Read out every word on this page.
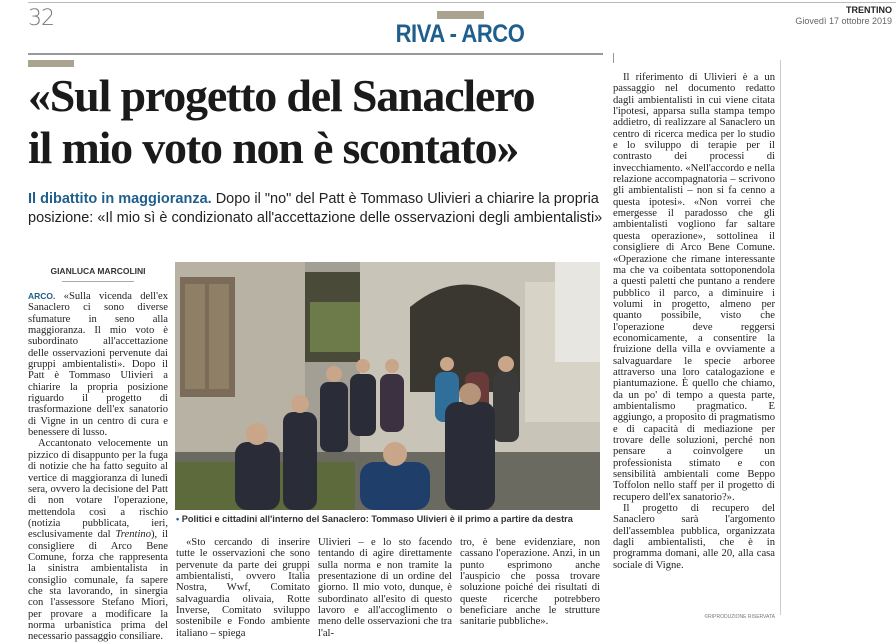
32
RIVA - ARCO
TRENTINO
Giovedì 17 ottobre 2019
«Sul progetto del Sanaclero
il mio voto non è scontato»
Il dibattito in maggioranza. Dopo il "no" del Patt è Tommaso Ulivieri a chiarire la propria posizione: «Il mio sì è condizionato all'accettazione delle osservazioni degli ambientalisti»
GIANLUCA MARCOLINI

ARCO. «Sulla vicenda dell'ex Sanaclero ci sono diverse sfumature in seno alla maggioranza. Il mio voto è subordinato all'accettazione delle osservazioni pervenute dai gruppi ambientalisti». Dopo il Patt è Tommaso Ulivieri a chiarire la propria posizione riguardo il progetto di trasformazione dell'ex sanatorio di Vigne in un centro di cura e benessere di lusso.

Accantonato velocemente un pizzico di disappunto per la fuga di notizie che ha fatto seguito al vertice di maggioranza di lunedì sera, ovvero la decisione del Patt di non votare l'operazione, mettendola così a rischio (notizia pubblicata, ieri, esclusivamente dal Trentino), il consigliere di Arco Bene Comune, forza che rappresenta la sinistra ambientalista in consiglio comunale, fa sapere che sta lavorando, in sinergia con l'assessore Stefano Miori, per provare a modificare la norma urbanistica prima del necessario passaggio consiliare.

• Politici e cittadini all'interno del Sanaclero: Tommaso Ulivieri è il primo a partire da destra

«Sto cercando di inserire tutte le osservazioni che sono pervenute da parte dei gruppi ambientalisti, ovvero Italia Nostra, Wwf, Comitato salvaguardia olivaia, Rotte Inverse, Comitato sviluppo sostenibile e Fondo ambiente italiano – spiega

Ulivieri – e lo sto facendo tentando di agire direttamente sulla norma e non tramite la presentazione di un ordine del giorno. Il mio voto, dunque, è subordinato all'esito di questo lavoro e all'accoglimento o meno delle osservazioni che tra l'al-

tro, è bene evidenziare, non cassano l'operazione. Anzi, in un punto esprimono anche l'auspicio che possa trovare soluzione poiché dei risultati di queste ricerche potrebbero beneficiare anche le strutture sanitarie pubbliche».

Il riferimento di Ulivieri è a un passaggio nel documento redatto dagli ambientalisti in cui viene citata l'ipotesi, apparsa sulla stampa tempo addietro, di realizzare al Sanaclero un centro di ricerca medica per lo studio e lo sviluppo di terapie per il contrasto dei processi di invecchiamento. «Nell'accordo e nella relazione accompagnatoria – scrivono gli ambientalisti – non si fa cenno a questa ipotesi». «Non vorrei che emergesse il paradosso che gli ambientalisti vogliono far saltare questa operazione», sottolinea il consigliere di Arco Bene Comune. «Operazione che rimane interessante ma che va coibentata sottoponendola a questi paletti che puntano a rendere pubblico il parco, a diminuire i volumi in progetto, almeno per quanto possibile, visto che l'operazione deve reggersi economicamente, a consentire la fruizione della villa e ovviamente a salvaguardare le specie arboree attraverso una loro catalogazione e piantumazione. È quello che chiamo, da un po' di tempo a questa parte, ambientalismo pragmatico. E aggiungo, a proposito di pragmatismo e di capacità di mediazione per trovare delle soluzioni, perché non pensare a coinvolgere un professionista stimato e con sensibilità ambientali come Beppo Toffolon nello staff per il progetto di recupero dell'ex sanatorio?».

Il progetto di recupero del Sanaclero sarà l'argomento dell'assemblea pubblica, organizzata dagli ambientalisti, che è in programma domani, alle 20, alla casa sociale di Vigne.

©RIPRODUZIONE RISERVATA
